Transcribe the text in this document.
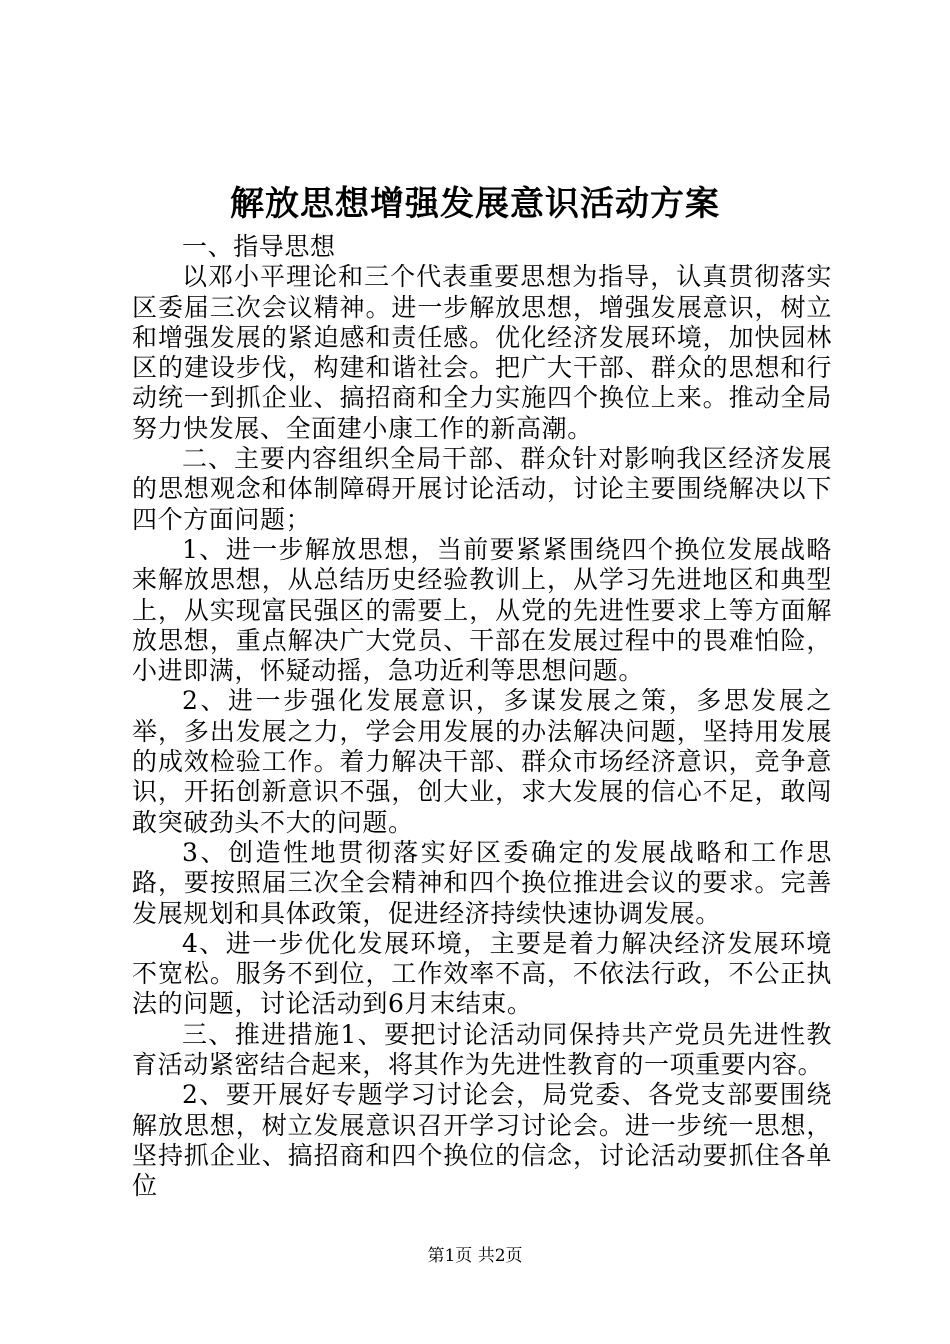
解放思想增强发展意识活动方案

一、指导思想

以邓小平理论和三个代表重要思想为指导，认真贯彻落实区委届三次会议精神。进一步解放思想，增强发展意识，树立和增强发展的紧迫感和责任感。优化经济发展环境，加快园林区的建设步伐，构建和谐社会。把广大干部、群众的思想和行动统一到抓企业、搞招商和全力实施四个换位上来。推动全局努力快发展、全面建小康工作的新高潮。

二、主要内容组织全局干部、群众针对影响我区经济发展的思想观念和体制障碍开展讨论活动，讨论主要围绕解决以下四个方面问题；

1、进一步解放思想，当前要紧紧围绕四个换位发展战略来解放思想，从总结历史经验教训上，从学习先进地区和典型上，从实现富民强区的需要上，从党的先进性要求上等方面解放思想，重点解决广大党员、干部在发展过程中的畏难怕险，小进即满，怀疑动摇，急功近利等思想问题。

2、进一步强化发展意识，多谋发展之策，多思发展之举，多出发展之力，学会用发展的办法解决问题，坚持用发展的成效检验工作。着力解决干部、群众市场经济意识，竞争意识，开拓创新意识不强，创大业，求大发展的信心不足，敢闯敢突破劲头不大的问题。

3、创造性地贯彻落实好区委确定的发展战略和工作思路，要按照届三次全会精神和四个换位推进会议的要求。完善发展规划和具体政策，促进经济持续快速协调发展。

4、进一步优化发展环境，主要是着力解决经济发展环境不宽松。服务不到位，工作效率不高，不依法行政，不公正执法的问题，讨论活动到6月末结束。

三、推进措施1、要把讨论活动同保持共产党员先进性教育活动紧密结合起来，将其作为先进性教育的一项重要内容。

2、要开展好专题学习讨论会，局党委、各党支部要围绕解放思想，树立发展意识召开学习讨论会。进一步统一思想，坚持抓企业、搞招商和四个换位的信念，讨论活动要抓住各单位

第1页 共2页
